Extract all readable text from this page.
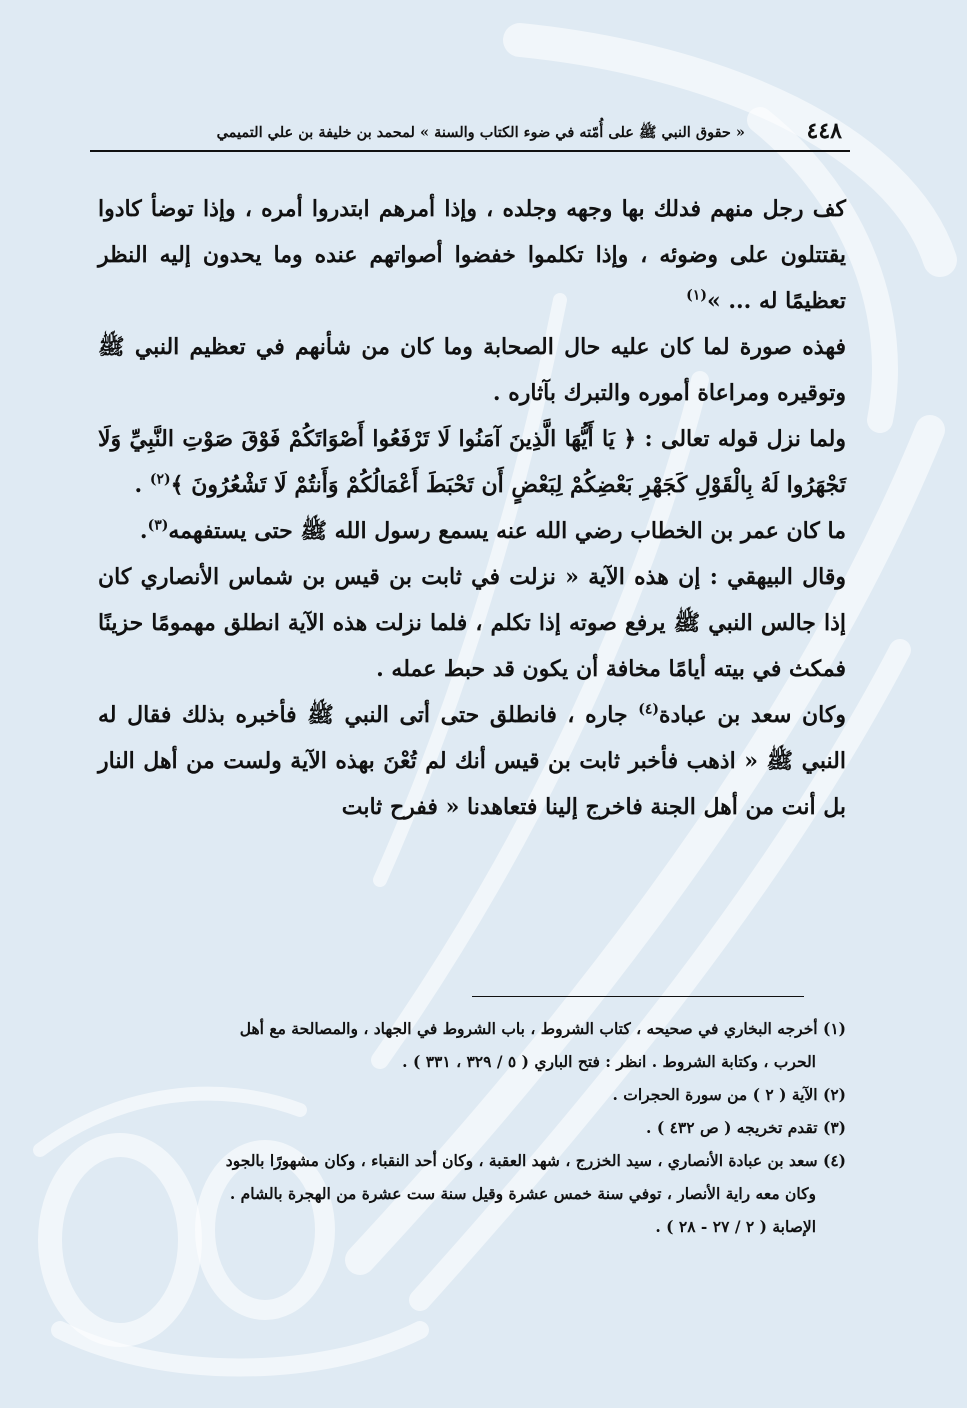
٤٤٨
« حقوق النبي ﷺ على أُمّته في ضوء الكتاب والسنة » لمحمد بن خليفة بن علي التميمي

كف رجل منهم فدلك بها وجهه وجلده ، وإذا أمرهم ابتدروا أمره ، وإذا توضأ كادوا يقتتلون على وضوئه ، وإذا تكلموا خفضوا أصواتهم عنده وما يحدون إليه النظر تعظيمًا له ... »$^{(١)}$

فهذه صورة لما كان عليه حال الصحابة وما كان من شأنهم في تعظيم النبي ﷺ وتوقيره ومراعاة أموره والتبرك بآثاره .

ولما نزل قوله تعالى : ﴿ يَا أَيُّهَا الَّذِينَ آمَنُوا لَا تَرْفَعُوا أَصْوَاتَكُمْ فَوْقَ صَوْتِ النَّبِيِّ وَلَا تَجْهَرُوا لَهُ بِالْقَوْلِ كَجَهْرِ بَعْضِكُمْ لِبَعْضٍ أَن تَحْبَطَ أَعْمَالُكُمْ وَأَنتُمْ لَا تَشْعُرُونَ ﴾$^{(٢)}$ .

ما كان عمر بن الخطاب رضي الله عنه يسمع رسول الله ﷺ حتى يستفهمه$^{(٣)}$.

وقال البيهقي : إن هذه الآية « نزلت في ثابت بن قيس بن شماس الأنصاري كان إذا جالس النبي ﷺ يرفع صوته إذا تكلم ، فلما نزلت هذه الآية انطلق مهمومًا حزينًا فمكث في بيته أيامًا مخافة أن يكون قد حبط عمله .

وكان سعد بن عبادة$^{(٤)}$ جاره ، فانطلق حتى أتى النبي ﷺ فأخبره بذلك فقال له النبي ﷺ « اذهب فأخبر ثابت بن قيس أنك لم تُعْنَ بهذه الآية ولست من أهل النار بل أنت من أهل الجنة فاخرج إلينا فتعاهدنا « ففرح ثابت

(١) أخرجه البخاري في صحيحه ، كتاب الشروط ، باب الشروط في الجهاد ، والمصالحة مع أهل

الحرب ، وكتابة الشروط . انظر : فتح الباري ( ٥ / ٣٢٩ ، ٣٣١ ) .

(٢) الآية ( ٢ ) من سورة الحجرات .

(٣) تقدم تخريجه ( ص ٤٣٢ ) .

(٤) سعد بن عبادة الأنصاري ، سيد الخزرج ، شهد العقبة ، وكان أحد النقباء ، وكان مشهورًا بالجود

وكان معه راية الأنصار ، توفي سنة خمس عشرة وقيل سنة ست عشرة من الهجرة بالشام .

الإصابة ( ٢ / ٢٧ - ٢٨ ) .
